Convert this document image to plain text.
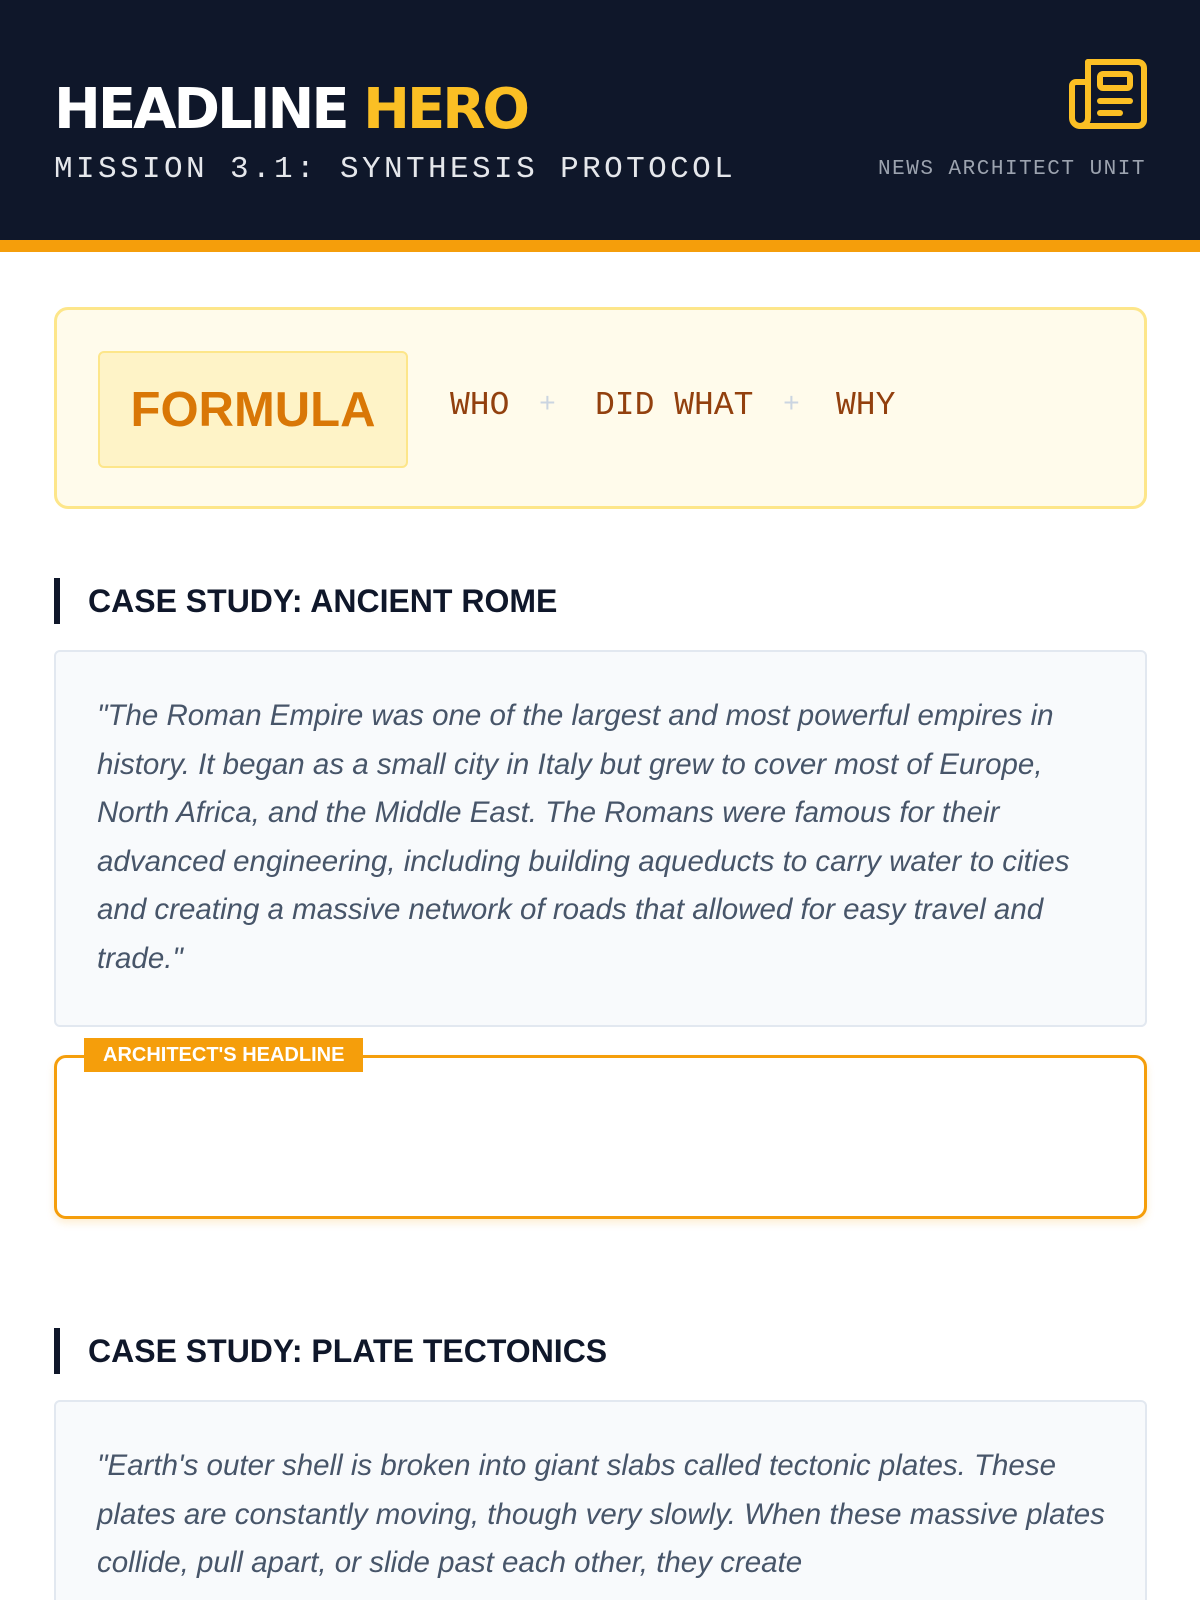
HEADLINE HERO
MISSION 3.1: SYNTHESIS PROTOCOL	NEWS ARCHITECT UNIT
FORMULA	WHO + DID WHAT + WHY
CASE STUDY: ANCIENT ROME
"The Roman Empire was one of the largest and most powerful empires in history. It began as a small city in Italy but grew to cover most of Europe, North Africa, and the Middle East. The Romans were famous for their advanced engineering, including building aqueducts to carry water to cities and creating a massive network of roads that allowed for easy travel and trade."
ARCHITECT'S HEADLINE
CASE STUDY: PLATE TECTONICS
"Earth's outer shell is broken into giant slabs called tectonic plates. These plates are constantly moving, though very slowly. When these massive plates collide, pull apart, or slide past each other, they create
